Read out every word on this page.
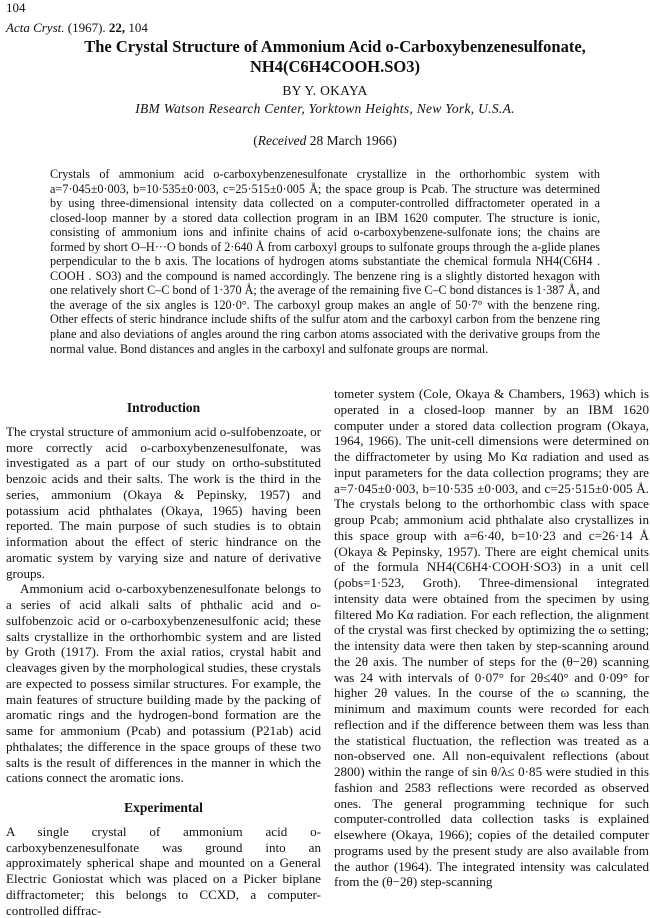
104
Acta Cryst. (1967). 22, 104
The Crystal Structure of Ammonium Acid o-Carboxybenzenesulfonate,
NH4(C6H4COOH.SO3)
BY Y. OKAYA
IBM Watson Research Center, Yorktown Heights, New York, U.S.A.
(Received 28 March 1966)
Crystals of ammonium acid o-carboxybenzenesulfonate crystallize in the orthorhombic system with a=7·045±0·003, b=10·535±0·003, c=25·515±0·005 Å; the space group is Pcab. The structure was determined by using three-dimensional intensity data collected on a computer-controlled diffractometer operated in a closed-loop manner by a stored data collection program in an IBM 1620 computer. The structure is ionic, consisting of ammonium ions and infinite chains of acid o-carboxybenzene-sulfonate ions; the chains are formed by short O–H···O bonds of 2·640 Å from carboxyl groups to sulfonate groups through the a-glide planes perpendicular to the b axis. The locations of hydrogen atoms substantiate the chemical formula NH4(C6H4 . COOH . SO3) and the compound is named accordingly. The benzene ring is a slightly distorted hexagon with one relatively short C–C bond of 1·370 Å; the average of the remaining five C–C bond distances is 1·387 Å, and the average of the six angles is 120·0°. The carboxyl group makes an angle of 50·7° with the benzene ring. Other effects of steric hindrance include shifts of the sulfur atom and the carboxyl carbon from the benzene ring plane and also deviations of angles around the ring carbon atoms associated with the derivative groups from the normal value. Bond distances and angles in the carboxyl and sulfonate groups are normal.
Introduction

The crystal structure of ammonium acid o-sulfobenzoate, or more correctly acid o-carboxybenzenesulfonate, was investigated as a part of our study on ortho-substituted benzoic acids and their salts. The work is the third in the series, ammonium (Okaya & Pepinsky, 1957) and potassium acid phthalates (Okaya, 1965) having been reported. The main purpose of such studies is to obtain information about the effect of steric hindrance on the aromatic system by varying size and nature of derivative groups.

Ammonium acid o-carboxybenzenesulfonate belongs to a series of acid alkali salts of phthalic acid and o-sulfobenzoic acid or o-carboxybenzenesulfonic acid; these salts crystallize in the orthorhombic system and are listed by Groth (1917). From the axial ratios, crystal habit and cleavages given by the morphological studies, these crystals are expected to possess similar structures. For example, the main features of structure building made by the packing of aromatic rings and the hydrogen-bond formation are the same for ammonium (Pcab) and potassium (P21ab) acid phthalates; the difference in the space groups of these two salts is the result of differences in the manner in which the cations connect the aromatic ions.

Experimental

A single crystal of ammonium acid o-carboxybenzenesulfonate was ground into an approximately spherical shape and mounted on a General Electric Goniostat which was placed on a Picker biplane diffractometer; this belongs to CCXD, a computer-controlled diffrac-

tometer system (Cole, Okaya & Chambers, 1963) which is operated in a closed-loop manner by an IBM 1620 computer under a stored data collection program (Okaya, 1964, 1966). The unit-cell dimensions were determined on the diffractometer by using Mo Kα radiation and used as input parameters for the data collection programs; they are a=7·045±0·003, b=10·535 ±0·003, and c=25·515±0·005 Å. The crystals belong to the orthorhombic class with space group Pcab; ammonium acid phthalate also crystallizes in this space group with a=6·40, b=10·23 and c=26·14 Å (Okaya & Pepinsky, 1957). There are eight chemical units of the formula NH4(C6H4·COOH·SO3) in a unit cell (ρobs=1·523, Groth). Three-dimensional integrated intensity data were obtained from the specimen by using filtered Mo Kα radiation. For each reflection, the alignment of the crystal was first checked by optimizing the ω setting; the intensity data were then taken by step-scanning around the 2θ axis. The number of steps for the (θ−2θ) scanning was 24 with intervals of 0·07° for 2θ≤40° and 0·09° for higher 2θ values. In the course of the ω scanning, the minimum and maximum counts were recorded for each reflection and if the difference between them was less than the statistical fluctuation, the reflection was treated as a non-observed one. All non-equivalent reflections (about 2800) within the range of sin θ/λ≤ 0·85 were studied in this fashion and 2583 reflections were recorded as observed ones. The general programming technique for such computer-controlled data collection tasks is explained elsewhere (Okaya, 1966); copies of the detailed computer programs used by the present study are also available from the author (1964). The integrated intensity was calculated from the (θ−2θ) step-scanning
